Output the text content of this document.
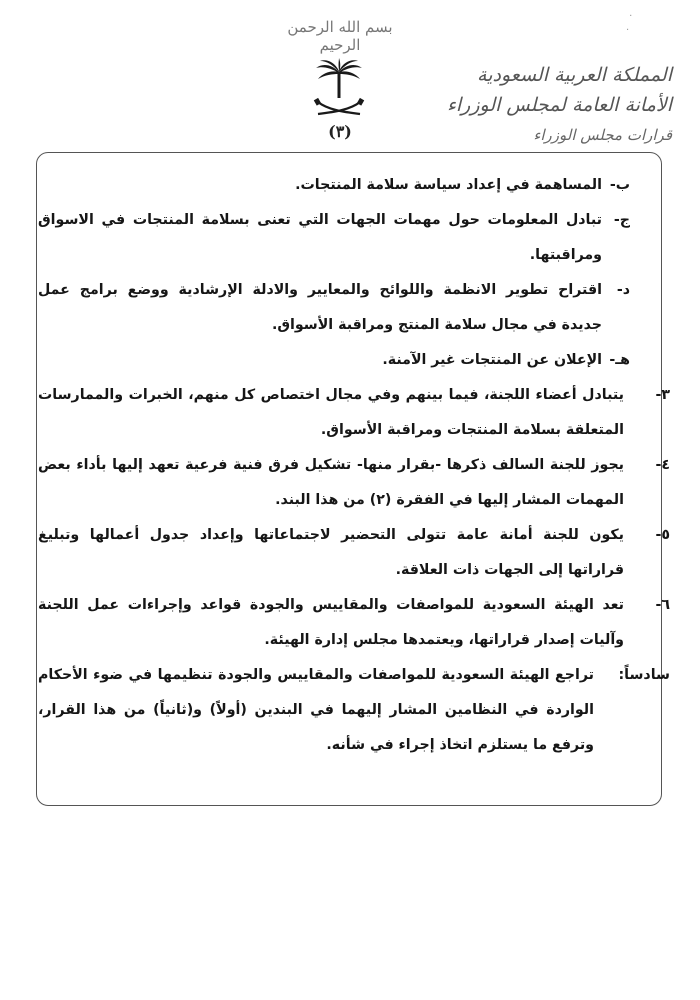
·
·
بسم الله الرحمن الرحيم
(٣)
المملكة العربية السعودية
الأمانة العامة لمجلس الوزراء
قرارات مجلس الوزراء
ب-
المساهمة في إعداد سياسة سلامة المنتجات.
ج-
تبادل المعلومات حول مهمات الجهات التي تعنى بسلامة المنتجات في الاسواق ومراقبتها.
د-
اقتراح تطوير الانظمة واللوائح والمعايير والادلة الإرشادية ووضع برامج عمل جديدة في مجال سلامة المنتج ومراقبة الأسواق.
هـ-
الإعلان عن المنتجات غير الآمنة.
٣-
يتبادل أعضاء اللجنة، فيما بينهم وفي مجال اختصاص كل منهم، الخبرات والممارسات المتعلقة بسلامة المنتجات ومراقبة الأسواق.
٤-
يجوز للجنة السالف ذكرها -بقرار منها- تشكيل فرق فنية فرعية تعهد إليها بأداء بعض المهمات المشار إليها في الفقرة (٢) من هذا البند.
٥-
يكون للجنة أمانة عامة تتولى التحضير لاجتماعاتها وإعداد جدول أعمالها وتبليغ قراراتها إلى الجهات ذات العلاقة.
٦-
تعد الهيئة السعودية للمواصفات والمقاييس والجودة قواعد وإجراءات عمل اللجنة وآليات إصدار قراراتها، ويعتمدها مجلس إدارة الهيئة.
سادساً:
تراجع الهيئة السعودية للمواصفات والمقاييس والجودة تنظيمها في ضوء الأحكام الواردة في النظامين المشار إليهما في البندين (أولاً) و(ثانياً) من هذا القرار، وترفع ما يستلزم اتخاذ إجراء في شأنه.
